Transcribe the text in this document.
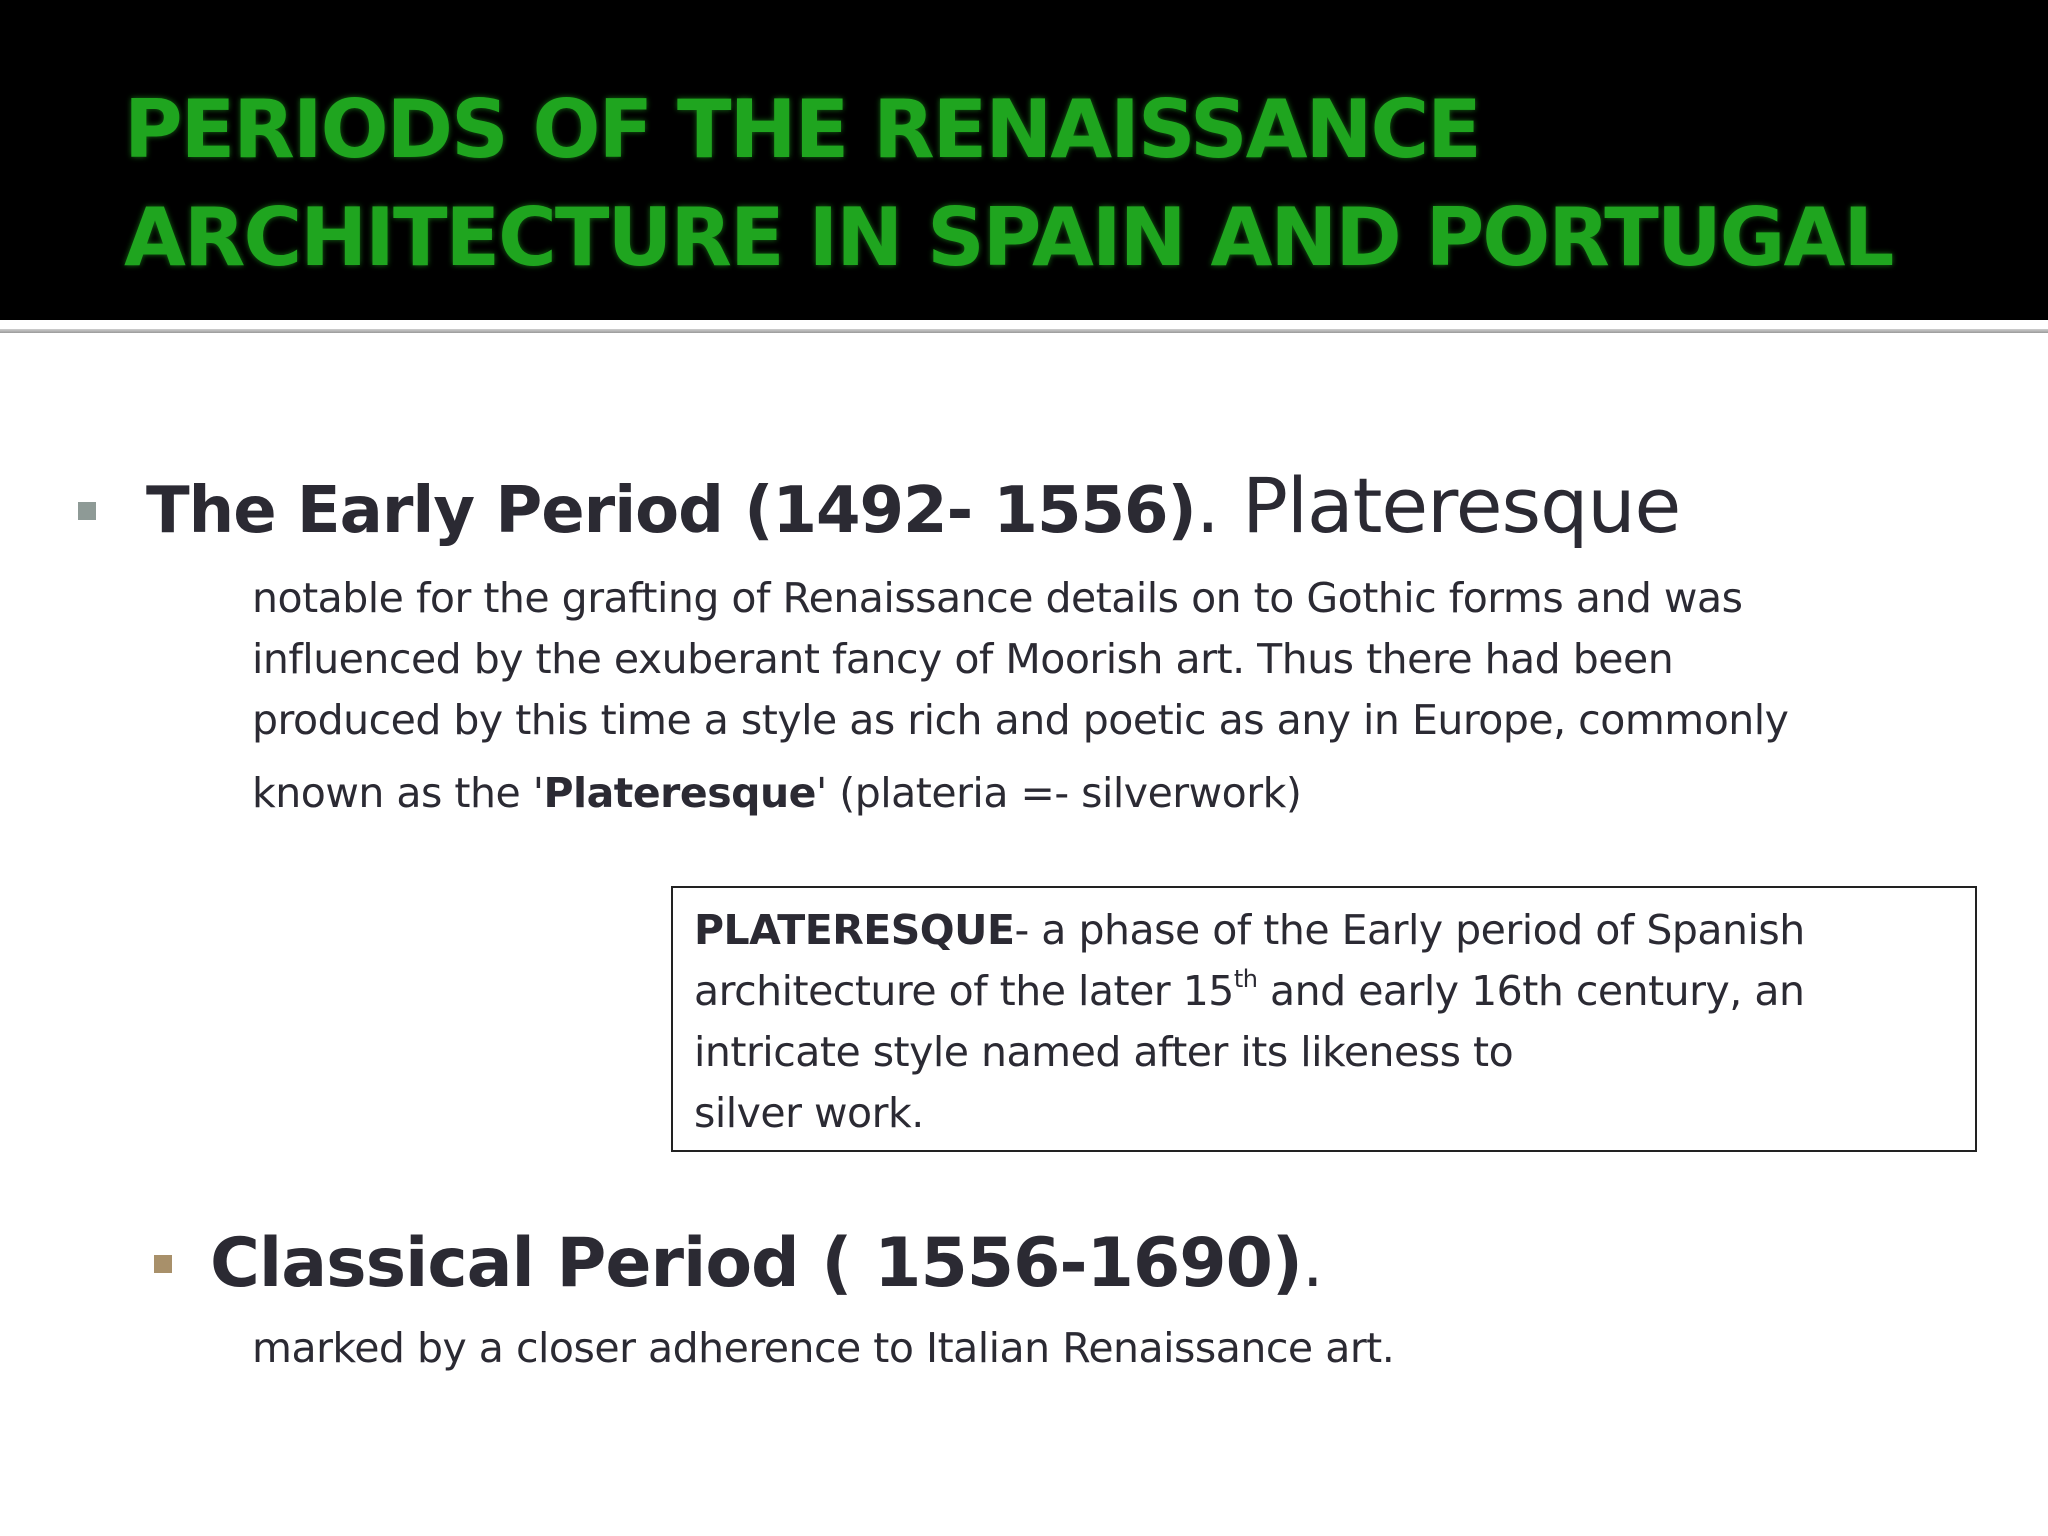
PERIODS OF THE RENAISSANCE
ARCHITECTURE IN SPAIN AND PORTUGAL
The Early Period (1492- 1556). Plateresque

notable for the grafting of Renaissance details on to Gothic forms and was
influenced by the exuberant fancy of Moorish art. Thus there had been
produced by this time a style as rich and poetic as any in Europe, commonly
known as the 'Plateresque' (plateria =- silverwork)

PLATERESQUE- a phase of the Early period of Spanish
architecture of the later 15th and early 16th century, an
intricate style named after its likeness to
silver work.
Classical Period ( 1556-1690).

marked by a closer adherence to Italian Renaissance art.
